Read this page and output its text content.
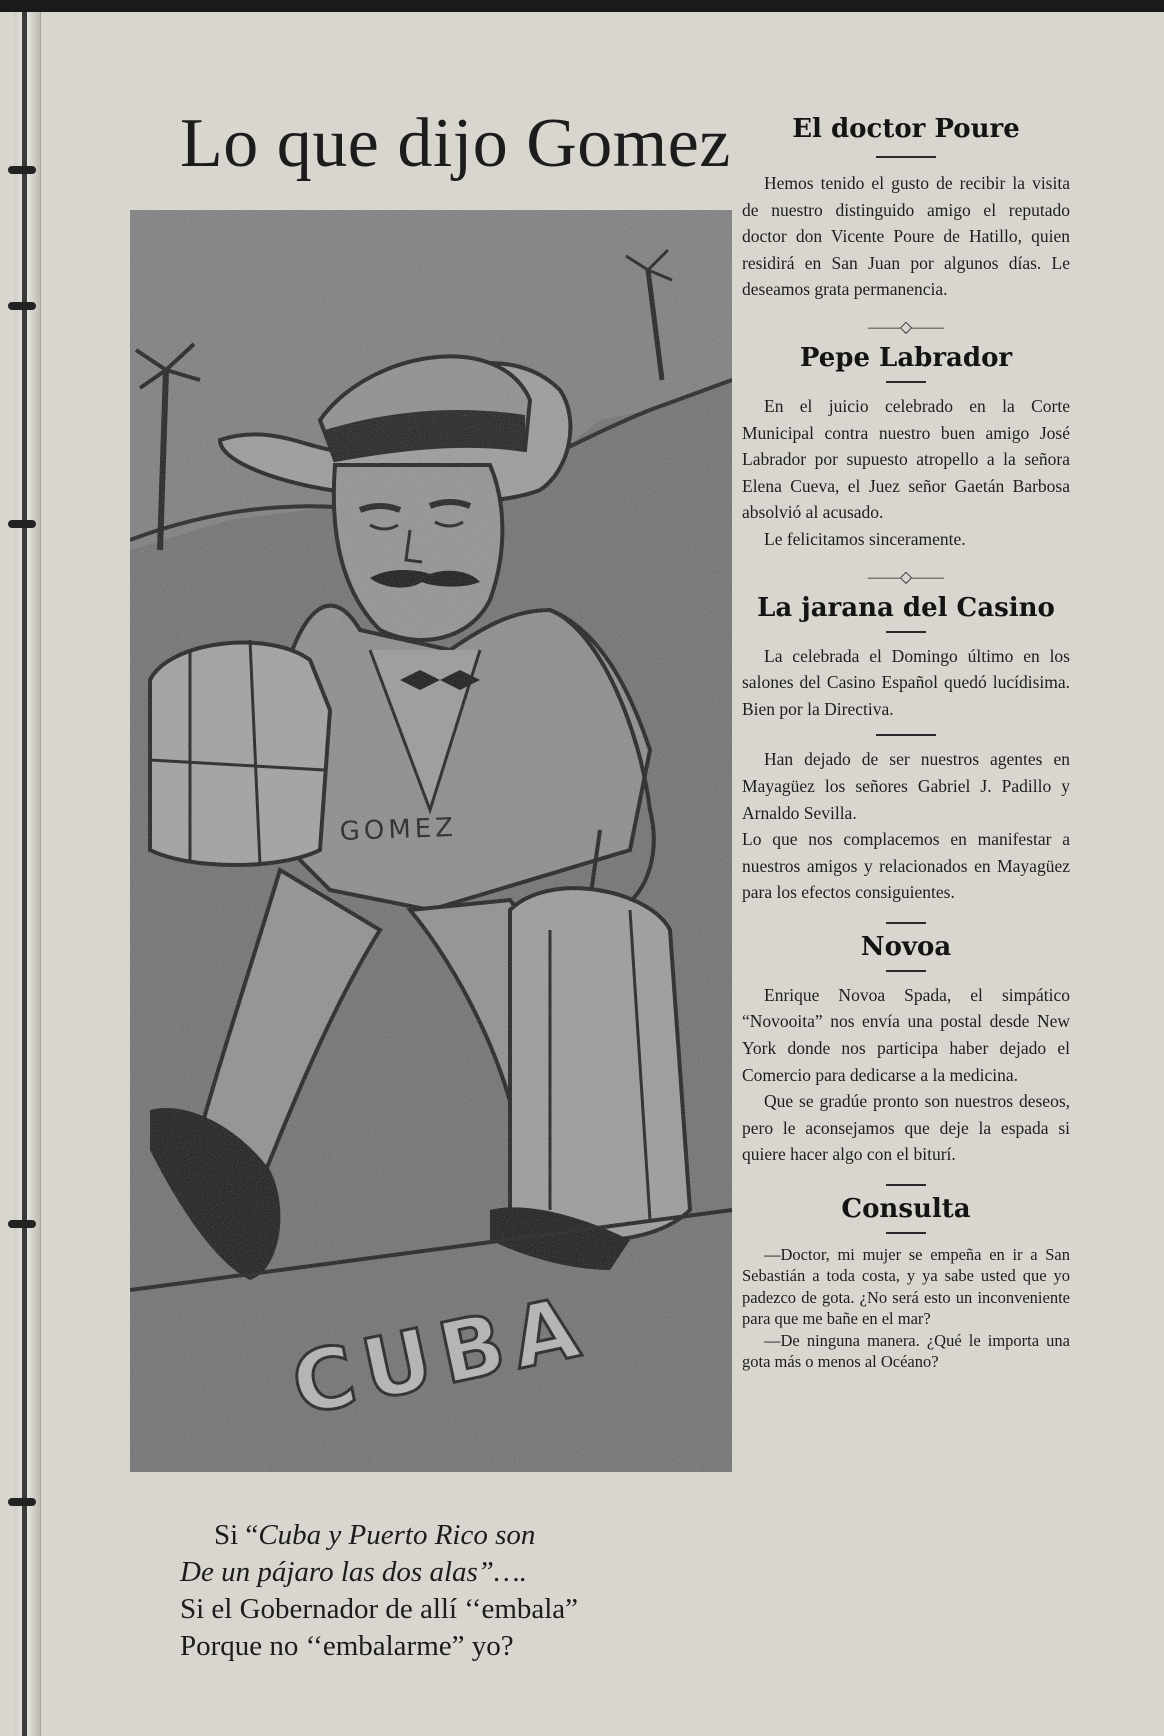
Lo que dijo Gomez
Si “Cuba y Puerto Rico son
De un pájaro las dos alas”….
Si el Gobernador de allí ‘‘embala”
Porque no ‘‘embalarme” yo?
El doctor Poure

Hemos tenido el gusto de recibir la visita de nuestro distinguido amigo el reputado doctor don Vicente Poure de Hatillo, quien residirá en San Juan por algunos días. Le deseamos grata permanencia.

——◇——
Pepe Labrador

En el juicio celebrado en la Corte Municipal contra nuestro buen amigo José Labrador por supuesto atropello a la señora Elena Cueva, el Juez señor Gaetán Barbosa absolvió al acusado.

Le felicitamos sinceramente.

——◇——
La jarana del Casino

La celebrada el Domingo último en los salones del Casino Español quedó lucídisima. Bien por la Directiva.

Han dejado de ser nuestros agentes en Mayagüez los señores Gabriel J. Padillo y Arnaldo Sevilla.

Lo que nos complacemos en manifestar a nuestros amigos y relacionados en Mayagüez para los efectos consiguientes.

Novoa

Enrique Novoa Spada, el simpático “Novooita” nos envía una postal desde New York donde nos participa haber dejado el Comercio para dedicarse a la medicina.

Que se gradúe pronto son nuestros deseos, pero le aconsejamos que deje la espada si quiere hacer algo con el biturí.

Consulta

—Doctor, mi mujer se empeña en ir a San Sebastián a toda costa, y ya sabe usted que yo padezco de gota. ¿No será esto un inconveniente para que me bañe en el mar?

—De ninguna manera. ¿Qué le importa una gota más o menos al Océano?
